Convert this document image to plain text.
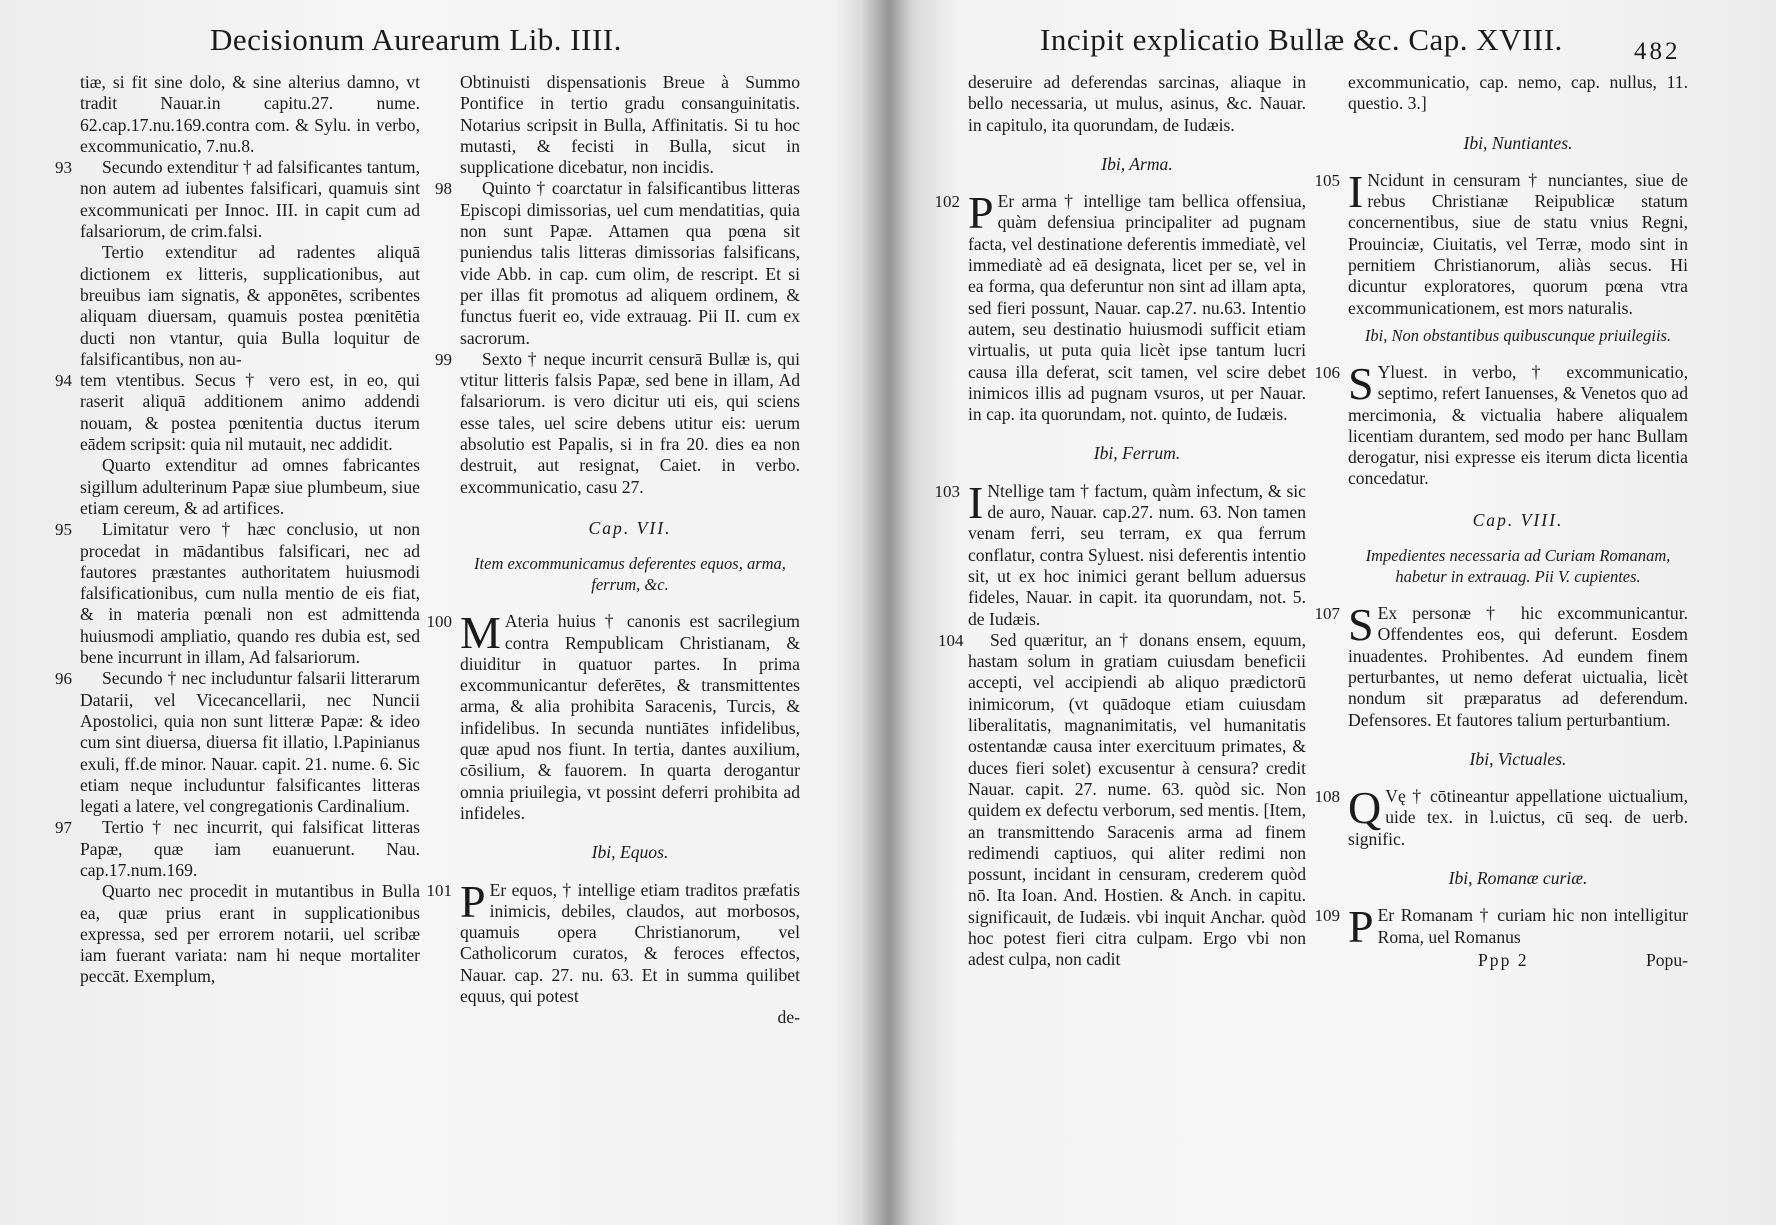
Decisionum Aurearum Lib. IIII.

tiæ, si fit sine dolo, & sine alterius damno, vt tradit Nauar.in capitu.27. nume. 62.cap.17.nu.169.contra com. & Sylu. in verbo, excommunicatio, 7.nu.8.

93 Secundo extenditur † ad falsificantes tantum, non autem ad iubentes falsificari, quamuis sint excommunicati per Innoc. III. in capit cum ad falsariorum, de crim.falsi.

Tertio extenditur ad radentes aliquā dictionem ex litteris, supplicationibus, aut breuibus iam signatis, & apponētes, scribentes aliquam diuersam, quamuis postea pœnitētia ducti non vtantur, quia Bulla loquitur de falsificantibus, non au-

94 tem vtentibus. Secus † vero est, in eo, qui raserit aliquā additionem animo addendi nouam, & postea pœnitentia ductus iterum eādem scripsit: quia nil mutauit, nec addidit.

Quarto extenditur ad omnes fabricantes sigillum adulterinum Papæ siue plumbeum, siue etiam cereum, & ad artifices.

95 Limitatur vero † hæc conclusio, ut non procedat in mādantibus falsificari, nec ad fautores præstantes authoritatem huiusmodi falsificationibus, cum nulla mentio de eis fiat, & in materia pœnali non est admittenda huiusmodi ampliatio, quando res dubia est, sed bene incurrunt in illam, Ad falsariorum.

96 Secundo † nec includuntur falsarii litterarum Datarii, vel Vicecancellarii, nec Nuncii Apostolici, quia non sunt litteræ Papæ: & ideo cum sint diuersa, diuersa fit illatio, l.Papinianus exuli, ff.de minor. Nauar. capit. 21. nume. 6. Sic etiam neque includuntur falsificantes litteras legati a latere, vel congregationis Cardinalium.

97 Tertio † nec incurrit, qui falsificat litteras Papæ, quæ iam euanuerunt. Nau. cap.17.num.169.

Quarto nec procedit in mutantibus in Bulla ea, quæ prius erant in supplicationibus expressa, sed per errorem notarii, uel scribæ iam fuerant variata: nam hi neque mortaliter peccāt. Exemplum,

Obtinuisti dispensationis Breue à Summo Pontifice in tertio gradu consanguinitatis. Notarius scripsit in Bulla, Affinitatis. Si tu hoc mutasti, & fecisti in Bulla, sicut in supplicatione dicebatur, non incidis.

98 Quinto † coarctatur in falsificantibus litteras Episcopi dimissorias, uel cum mendatitias, quia non sunt Papæ. Attamen qua pœna sit puniendus talis litteras dimissorias falsificans, vide Abb. in cap. cum olim, de rescript. Et si per illas fit promotus ad aliquem ordinem, & functus fuerit eo, vide extrauag. Pii II. cum ex sacrorum.

99 Sexto † neque incurrit censurā Bullæ is, qui vtitur litteris falsis Papæ, sed bene in illam, Ad falsariorum. is vero dicitur uti eis, qui sciens esse tales, uel scire debens utitur eis: uerum absolutio est Papalis, si in fra 20. dies ea non destruit, aut resignat, Caiet. in verbo. excommunicatio, casu 27.

Cap. VII.
Item excommunicamus deferentes equos, arma, ferrum, &c.

100 M Ateria huius † canonis est sacrilegium contra Rempublicam Christianam, & diuiditur in quatuor partes. In prima excommunicantur deferētes, & transmittentes arma, & alia prohibita Saracenis, Turcis, & infidelibus. In secunda nuntiātes infidelibus, quæ apud nos fiunt. In tertia, dantes auxilium, cōsilium, & fauorem. In quarta derogantur omnia priuilegia, vt possint deferri prohibita ad infideles.

Ibi, Equos.

101 P Er equos, † intellige etiam traditos præfatis inimicis, debiles, claudos, aut morbosos, quamuis opera Christianorum, vel Catholicorum curatos, & feroces effectos, Nauar. cap. 27. nu. 63. Et in summa quilibet equus, qui potest

de-
Incipit explicatio Bullæ &c. Cap. XVIII.	482

deseruire ad deferendas sarcinas, aliaque in bello necessaria, ut mulus, asinus, &c. Nauar. in capitulo, ita quorundam, de Iudæis.

Ibi, Arma.

102 P Er arma † intellige tam bellica offensiua, quàm defensiua principaliter ad pugnam facta, vel destinatione deferentis immediatè, vel immediatè ad eā designata, licet per se, vel in ea forma, qua deferuntur non sint ad illam apta, sed fieri possunt, Nauar. cap.27. nu.63. Intentio autem, seu destinatio huiusmodi sufficit etiam virtualis, ut puta quia licèt ipse tantum lucri causa illa deferat, scit tamen, vel scire debet inimicos illis ad pugnam vsuros, ut per Nauar. in cap. ita quorundam, not. quinto, de Iudæis.

Ibi, Ferrum.

103 I Ntellige tam † factum, quàm infectum, & sic de auro, Nauar. cap.27. num. 63. Non tamen venam ferri, seu terram, ex qua ferrum conflatur, contra Syluest. nisi deferentis intentio sit, ut ex hoc inimici gerant bellum aduersus fideles, Nauar. in capit. ita quorundam, not. 5. de Iudæis.

104 Sed quæritur, an † donans ensem, equum, hastam solum in gratiam cuiusdam beneficii accepti, vel accipiendi ab aliquo prædictorū inimicorum, (vt quādoque etiam cuiusdam liberalitatis, magnanimitatis, vel humanitatis ostentandæ causa inter exercituum primates, & duces fieri solet) excusentur à censura? credit Nauar. capit. 27. nume. 63. quòd sic. Non quidem ex defectu verborum, sed mentis. [Item, an transmittendo Saracenis arma ad finem redimendi captiuos, qui aliter redimi non possunt, incidant in censuram, crederem quòd nō. Ita Ioan. And. Hostien. & Anch. in capitu. significauit, de Iudæis. vbi inquit Anchar. quòd hoc potest fieri citra culpam. Ergo vbi non adest culpa, non cadit

excommunicatio, cap. nemo, cap. nullus, 11. questio. 3.]

Ibi, Nuntiantes.

105 I Ncidunt in censuram † nunciantes, siue de rebus Christianæ Reipublicæ statum concernentibus, siue de statu vnius Regni, Prouinciæ, Ciuitatis, vel Terræ, modo sint in pernitiem Christianorum, aliàs secus. Hi dicuntur exploratores, quorum pœna vtra excommunicationem, est mors naturalis.

Ibi, Non obstantibus quibuscunque priuilegiis.

106 S Yluest. in verbo, † excommunicatio, septimo, refert Ianuenses, & Venetos quo ad mercimonia, & victualia habere aliqualem licentiam durantem, sed modo per hanc Bullam derogatur, nisi expresse eis iterum dicta licentia concedatur.

Cap. VIII.
Impedientes necessaria ad Curiam Romanam, habetur in extrauag. Pii V. cupientes.

107 S Ex personæ † hic excommunicantur. Offendentes eos, qui deferunt. Eosdem inuadentes. Prohibentes. Ad eundem finem perturbantes, ut nemo deferat uictualia, licèt nondum sit præparatus ad deferendum. Defensores. Et fautores talium perturbantium.

Ibi, Victuales.

108 Q Vę † cōtineantur appellatione uictualium, uide tex. in l.uictus, cū seq. de uerb. signific.

Ibi, Romanæ curiæ.

109 P Er Romanam † curiam hic non intelligitur Roma, uel Romanus

Ppp 2	Popu-
